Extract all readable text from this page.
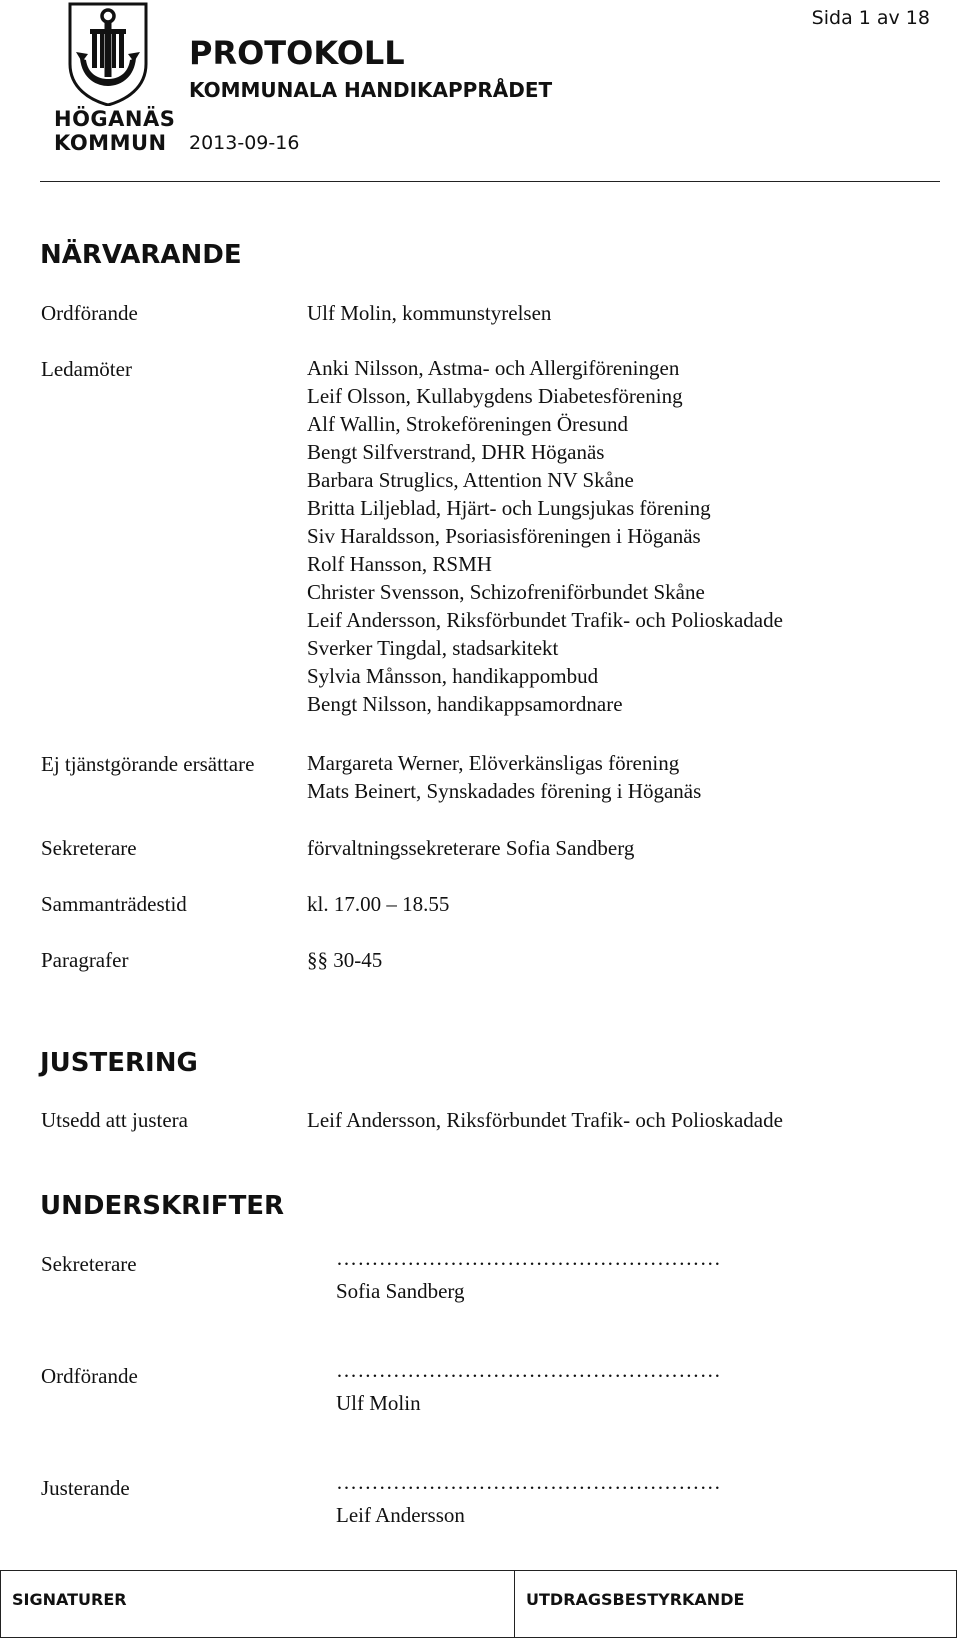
HÖGANÄS
KOMMUN
PROTOKOLL
KOMMUNALA HANDIKAPPRÅDET
2013-09-16
Sida 1 av 18
NÄRVARANDE
Ordförande	Ulf Molin, kommunstyrelsen
Ledamöter	Anki Nilsson, Astma- och Allergiföreningen
Leif Olsson, Kullabygdens Diabetesförening
Alf Wallin, Strokeföreningen Öresund
Bengt Silfverstrand, DHR Höganäs
Barbara Struglics, Attention NV Skåne
Britta Liljeblad, Hjärt- och Lungsjukas förening
Siv Haraldsson, Psoriasisföreningen i Höganäs
Rolf Hansson, RSMH
Christer Svensson, Schizofreniförbundet Skåne
Leif Andersson, Riksförbundet Trafik- och Polioskadade
Sverker Tingdal, stadsarkitekt
Sylvia Månsson, handikappombud
Bengt Nilsson, handikappsamordnare
Ej tjänstgörande ersättare	Margareta Werner, Elöverkänsligas förening
Mats Beinert, Synskadades förening i Höganäs
Sekreterare	förvaltningssekreterare Sofia Sandberg
Sammanträdestid	kl. 17.00 – 18.55
Paragrafer	§§ 30-45
JUSTERING
Utsedd att justera	Leif Andersson, Riksförbundet Trafik- och Polioskadade
UNDERSKRIFTER
Sekreterare	………………………………………………
Sofia Sandberg
Ordförande	………………………………………………
Ulf Molin
Justerande	………………………………………………
Leif Andersson
SIGNATURER	UTDRAGSBESTYRKANDE
